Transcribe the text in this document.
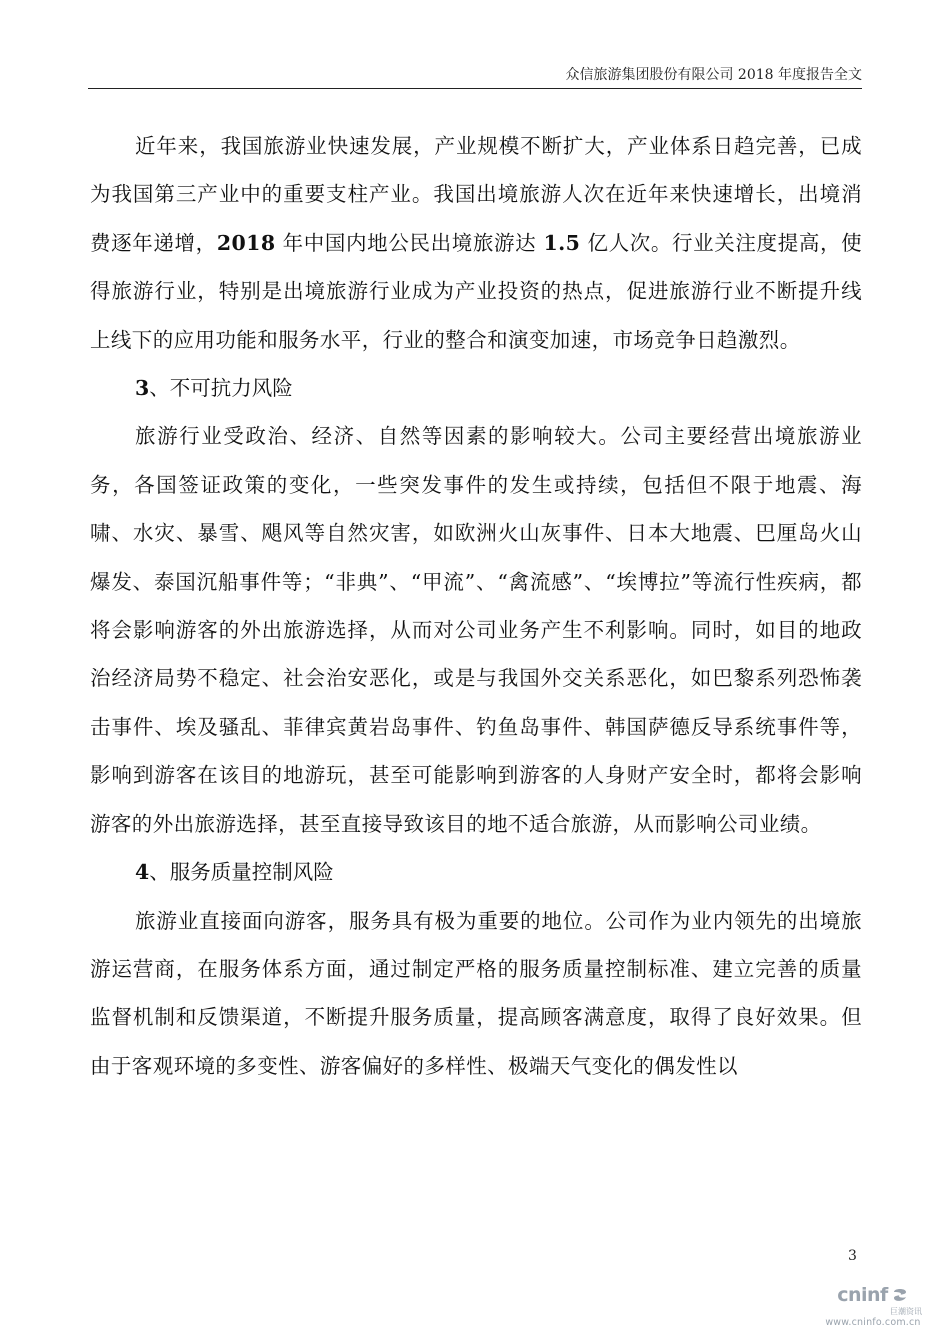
众信旅游集团股份有限公司 2018 年度报告全文

近年来，我国旅游业快速发展，产业规模不断扩大，产业体系日趋完善，已成为我国第三产业中的重要支柱产业。我国出境旅游人次在近年来快速增长，出境消费逐年递增，2018 年中国内地公民出境旅游达 1.5 亿人次。行业关注度提高，使得旅游行业，特别是出境旅游行业成为产业投资的热点，促进旅游行业不断提升线上线下的应用功能和服务水平，行业的整合和演变加速，市场竞争日趋激烈。

3、不可抗力风险

旅游行业受政治、经济、自然等因素的影响较大。公司主要经营出境旅游业务，各国签证政策的变化，一些突发事件的发生或持续，包括但不限于地震、海啸、水灾、暴雪、飓风等自然灾害，如欧洲火山灰事件、日本大地震、巴厘岛火山爆发、泰国沉船事件等；“非典”、“甲流”、“禽流感”、“埃博拉”等流行性疾病，都将会影响游客的外出旅游选择，从而对公司业务产生不利影响。同时，如目的地政治经济局势不稳定、社会治安恶化，或是与我国外交关系恶化，如巴黎系列恐怖袭击事件、埃及骚乱、菲律宾黄岩岛事件、钓鱼岛事件、韩国萨德反导系统事件等，影响到游客在该目的地游玩，甚至可能影响到游客的人身财产安全时，都将会影响游客的外出旅游选择，甚至直接导致该目的地不适合旅游，从而影响公司业绩。

4、服务质量控制风险

旅游业直接面向游客，服务具有极为重要的地位。公司作为业内领先的出境旅游运营商，在服务体系方面，通过制定严格的服务质量控制标准、建立完善的质量监督机制和反馈渠道，不断提升服务质量，提高顾客满意度，取得了良好效果。但由于客观环境的多变性、游客偏好的多样性、极端天气变化的偶发性以

3
cninf
巨潮资讯
www.cninfo.com.cn
